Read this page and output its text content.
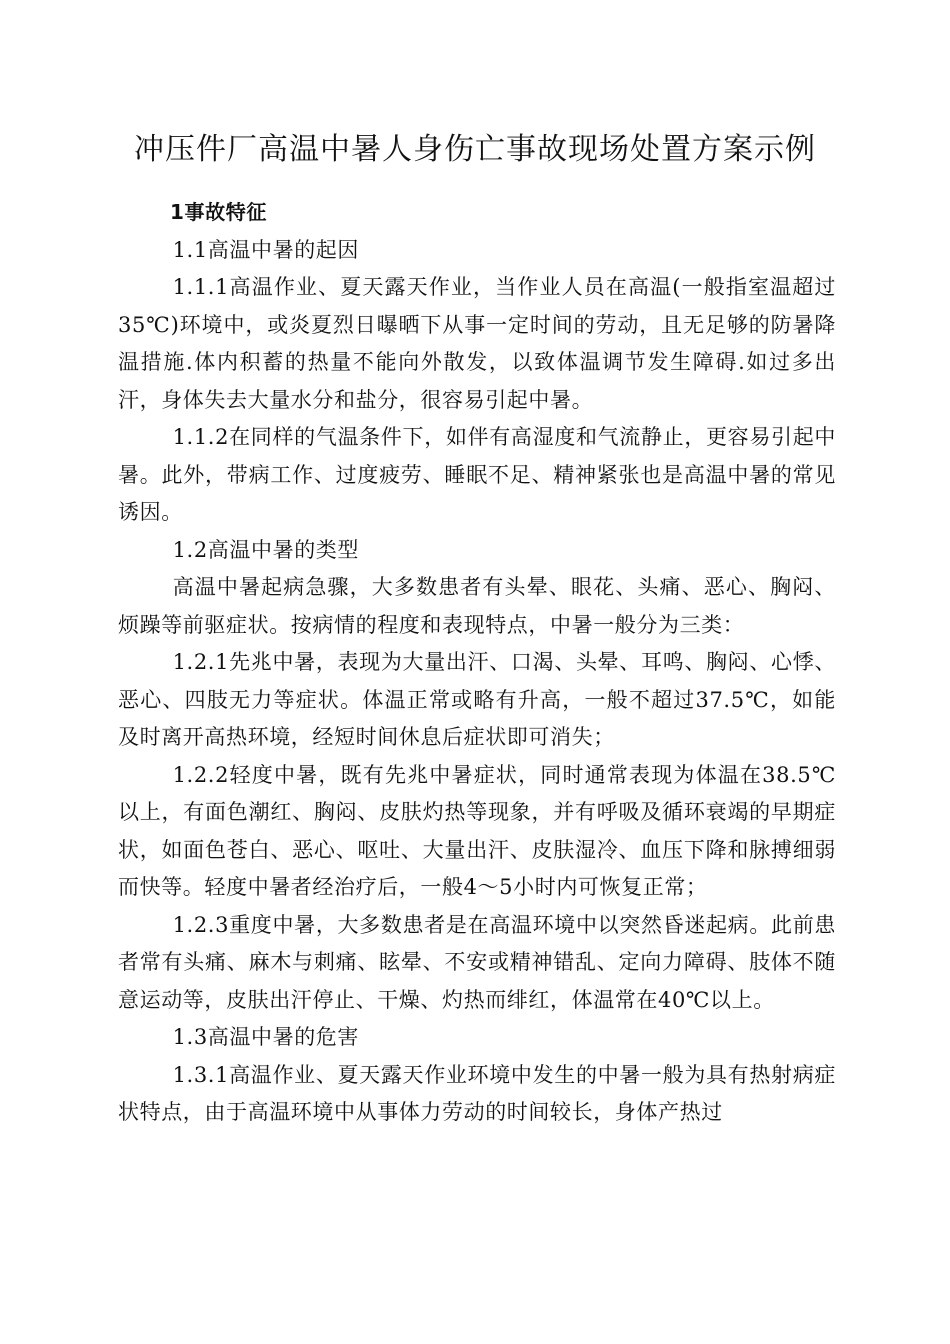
冲压件厂高温中暑人身伤亡事故现场处置方案示例

1事故特征

1.1高温中暑的起因

1.1.1高温作业、夏天露天作业，当作业人员在高温(一般指室温超过35℃)环境中，或炎夏烈日曝晒下从事一定时间的劳动，且无足够的防暑降温措施.体内积蓄的热量不能向外散发，以致体温调节发生障碍.如过多出汗，身体失去大量水分和盐分，很容易引起中暑。

1.1.2在同样的气温条件下，如伴有高湿度和气流静止，更容易引起中暑。此外，带病工作、过度疲劳、睡眠不足、精神紧张也是高温中暑的常见诱因。

1.2高温中暑的类型

高温中暑起病急骤，大多数患者有头晕、眼花、头痛、恶心、胸闷、烦躁等前驱症状。按病情的程度和表现特点，中暑一般分为三类：

1.2.1先兆中暑，表现为大量出汗、口渴、头晕、耳鸣、胸闷、心悸、恶心、四肢无力等症状。体温正常或略有升高，一般不超过37.5℃，如能及时离开高热环境，经短时间休息后症状即可消失；

1.2.2轻度中暑，既有先兆中暑症状，同时通常表现为体温在38.5℃以上，有面色潮红、胸闷、皮肤灼热等现象，并有呼吸及循环衰竭的早期症状，如面色苍白、恶心、呕吐、大量出汗、皮肤湿冷、血压下降和脉搏细弱而快等。轻度中暑者经治疗后，一般4～5小时内可恢复正常；

1.2.3重度中暑，大多数患者是在高温环境中以突然昏迷起病。此前患者常有头痛、麻木与刺痛、眩晕、不安或精神错乱、定向力障碍、肢体不随意运动等，皮肤出汗停止、干燥、灼热而绯红，体温常在40℃以上。

1.3高温中暑的危害

1.3.1高温作业、夏天露天作业环境中发生的中暑一般为具有热射病症状特点，由于高温环境中从事体力劳动的时间较长，身体产热过
